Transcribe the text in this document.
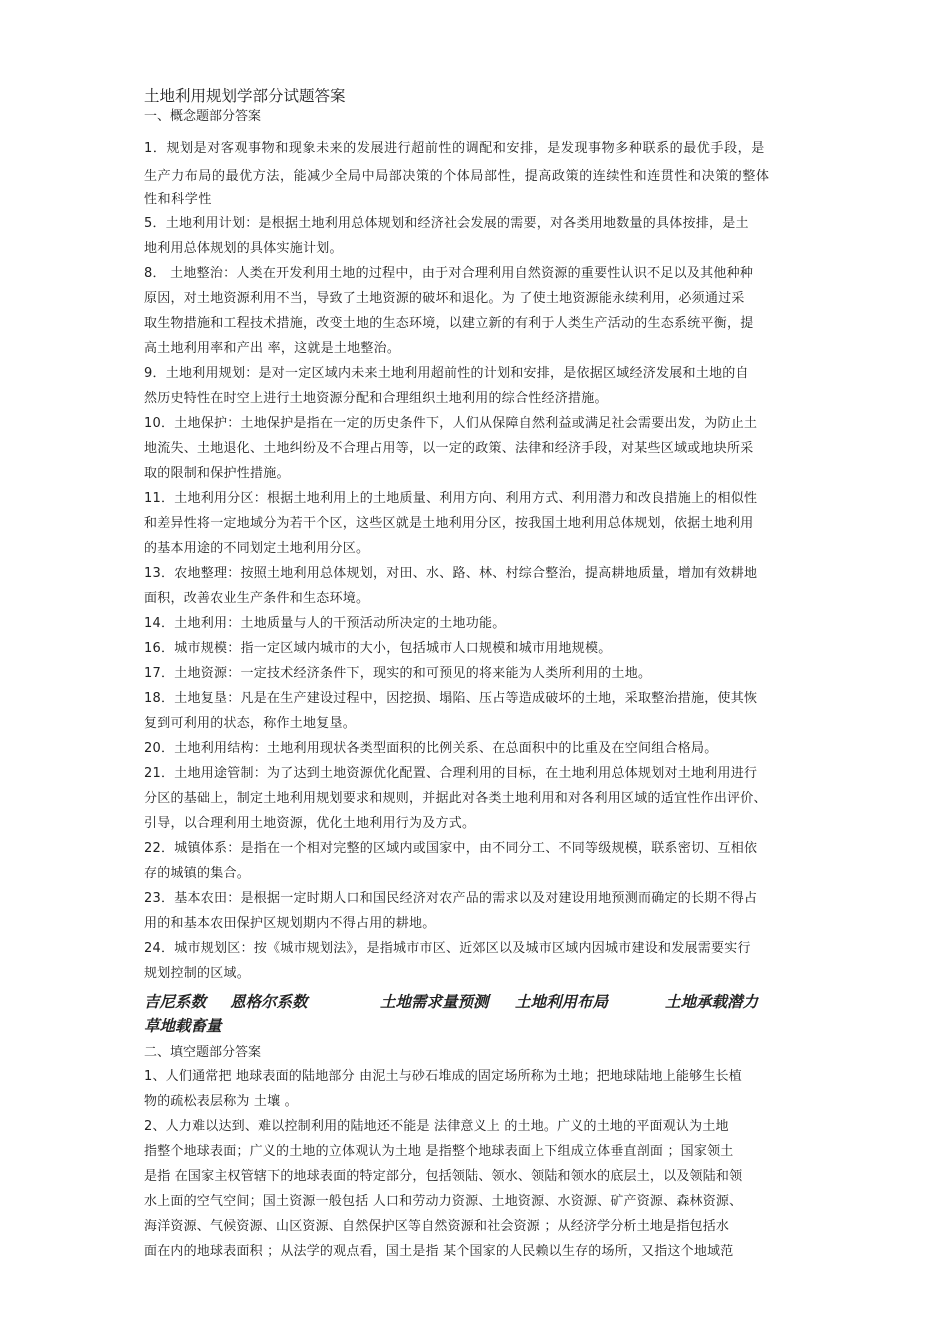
土地利用规划学部分试题答案
一、概念题部分答案
1．规划是对客观事物和现象未来的发展进行超前性的调配和安排，是发现事物多种联系的最优手段，是
生产力布局的最优方法，能减少全局中局部决策的个体局部性，提高政策的连续性和连贯性和决策的整体
性和科学性
5．土地利用计划：是根据土地利用总体规划和经济社会发展的需要，对各类用地数量的具体按排，是土
地利用总体规划的具体实施计划。
8． 土地整治：人类在开发利用土地的过程中，由于对合理利用自然资源的重要性认识不足以及其他种种
原因，对土地资源利用不当，导致了土地资源的破坏和退化。为 了使土地资源能永续利用，必须通过采
取生物措施和工程技术措施，改变土地的生态环境，以建立新的有利于人类生产活动的生态系统平衡，提
高土地利用率和产出 率，这就是土地整治。
9．土地利用规划：是对一定区域内未来土地利用超前性的计划和安排，是依据区域经济发展和土地的自
然历史特性在时空上进行土地资源分配和合理组织土地利用的综合性经济措施。
10．土地保护：土地保护是指在一定的历史条件下，人们从保障自然利益或满足社会需要出发，为防止土
地流失、土地退化、土地纠纷及不合理占用等，以一定的政策、法律和经济手段，对某些区域或地块所采
取的限制和保护性措施。
11．土地利用分区：根据土地利用上的土地质量、利用方向、利用方式、利用潜力和改良措施上的相似性
和差异性将一定地域分为若干个区，这些区就是土地利用分区，按我国土地利用总体规划，依据土地利用
的基本用途的不同划定土地利用分区。
13．农地整理：按照土地利用总体规划，对田、水、路、林、村综合整治，提高耕地质量，增加有效耕地
面积，改善农业生产条件和生态环境。
14．土地利用：土地质量与人的干预活动所决定的土地功能。
16．城市规模：指一定区域内城市的大小，包括城市人口规模和城市用地规模。
17．土地资源：一定技术经济条件下，现实的和可预见的将来能为人类所利用的土地。
18．土地复垦：凡是在生产建设过程中，因挖损、塌陷、压占等造成破坏的土地，采取整治措施，使其恢
复到可利用的状态，称作土地复垦。
20．土地利用结构：土地利用现状各类型面积的比例关系、在总面积中的比重及在空间组合格局。
21．土地用途管制：为了达到土地资源优化配置、合理利用的目标，在土地利用总体规划对土地利用进行
分区的基础上，制定土地利用规划要求和规则，并据此对各类土地利用和对各利用区域的适宜性作出评价、
引导，以合理利用土地资源，优化土地利用行为及方式。
22．城镇体系：是指在一个相对完整的区域内或国家中，由不同分工、不同等级规模，联系密切、互相依
存的城镇的集合。
23．基本农田：是根据一定时期人口和国民经济对农产品的需求以及对建设用地预测而确定的长期不得占
用的和基本农田保护区规划期内不得占用的耕地。
24．城市规划区：按《城市规划法》，是指城市市区、近郊区以及城市区域内因城市建设和发展需要实行
规划控制的区域。
吉尼系数 恩格尔系数	土地需求量预测 土地利用布局	土地承载潜力
草地载畜量
二、填空题部分答案
1、人们通常把 地球表面的陆地部分 由泥土与砂石堆成的固定场所称为土地；把地球陆地上能够生长植
物的疏松表层称为 土壤 。
2、人力难以达到、难以控制利用的陆地还不能是 法律意义上 的土地。广义的土地的平面观认为土地
指整个地球表面；广义的土地的立体观认为土地 是指整个地球表面上下组成立体垂直剖面 ；国家领土
是指 在国家主权管辖下的地球表面的特定部分，包括领陆、领水、领陆和领水的底层土，以及领陆和领
水上面的空气空间；国土资源一般包括 人口和劳动力资源、土地资源、水资源、矿产资源、森林资源、
海洋资源、气候资源、山区资源、自然保护区等自然资源和社会资源 ；从经济学分析土地是指包括水
面在内的地球表面积 ；从法学的观点看，国土是指 某个国家的人民赖以生存的场所，又指这个地域范
